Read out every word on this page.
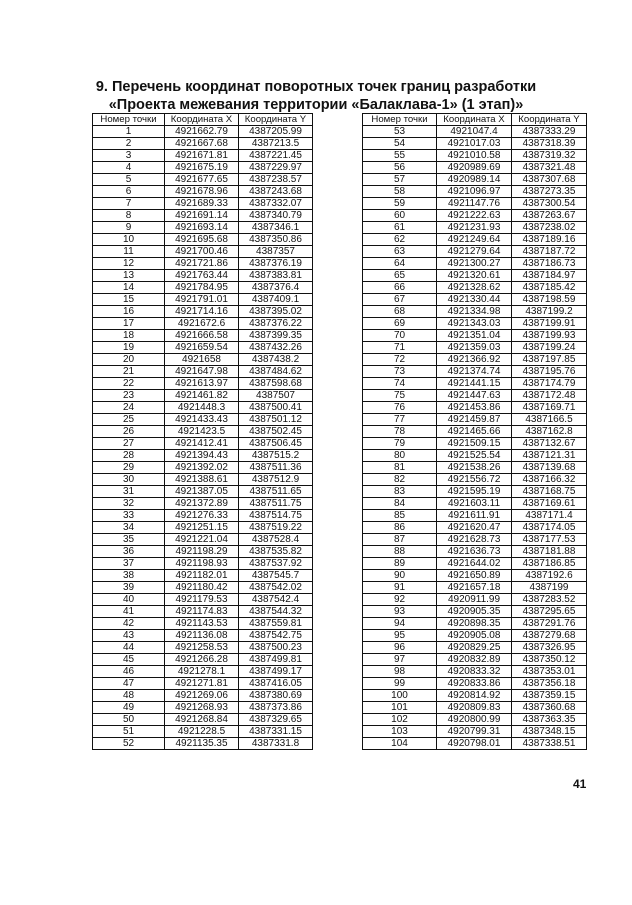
9. Перечень координат поворотных точек границ разработки
«Проекта межевания территории «Балаклава-1» (1 этап)»
Номер точки	Координата X	Координата Y
1	4921662.79	4387205.99
2	4921667.68	4387213.5
3	4921671.81	4387221.45
4	4921675.19	4387229.97
5	4921677.65	4387238.57
6	4921678.96	4387243.68
7	4921689.33	4387332.07
8	4921691.14	4387340.79
9	4921693.14	4387346.1
10	4921695.68	4387350.86
11	4921700.46	4387357
12	4921721.86	4387376.19
13	4921763.44	4387383.81
14	4921784.95	4387376.4
15	4921791.01	4387409.1
16	4921714.16	4387395.02
17	4921672.6	4387376.22
18	4921666.58	4387399.35
19	4921659.54	4387432.26
20	4921658	4387438.2
21	4921647.98	4387484.62
22	4921613.97	4387598.68
23	4921461.82	4387507
24	4921448.3	4387500.41
25	4921433.43	4387501.12
26	4921423.5	4387502.45
27	4921412.41	4387506.45
28	4921394.43	4387515.2
29	4921392.02	4387511.36
30	4921388.61	4387512.9
31	4921387.05	4387511.65
32	4921372.89	4387511.75
33	4921276.33	4387514.75
34	4921251.15	4387519.22
35	4921221.04	4387528.4
36	4921198.29	4387535.82
37	4921198.93	4387537.92
38	4921182.01	4387545.7
39	4921180.42	4387542.02
40	4921179.53	4387542.4
41	4921174.83	4387544.32
42	4921143.53	4387559.81
43	4921136.08	4387542.75
44	4921258.53	4387500.23
45	4921266.28	4387499.81
46	4921278.1	4387499.17
47	4921271.81	4387416.05
48	4921269.06	4387380.69
49	4921268.93	4387373.86
50	4921268.84	4387329.65
51	4921228.5	4387331.15
52	4921135.35	4387331.8
Номер точки	Координата X	Координата Y
53	4921047.4	4387333.29
54	4921017.03	4387318.39
55	4921010.58	4387319.32
56	4920989.69	4387321.48
57	4920989.14	4387307.68
58	4921096.97	4387273.35
59	4921147.76	4387300.54
60	4921222.63	4387263.67
61	4921231.93	4387238.02
62	4921249.64	4387189.16
63	4921279.64	4387187.72
64	4921300.27	4387186.73
65	4921320.61	4387184.97
66	4921328.62	4387185.42
67	4921330.44	4387198.59
68	4921334.98	4387199.2
69	4921343.03	4387199.91
70	4921351.04	4387199.93
71	4921359.03	4387199.24
72	4921366.92	4387197.85
73	4921374.74	4387195.76
74	4921441.15	4387174.79
75	4921447.63	4387172.48
76	4921453.86	4387169.71
77	4921459.87	4387166.5
78	4921465.66	4387162.8
79	4921509.15	4387132.67
80	4921525.54	4387121.31
81	4921538.26	4387139.68
82	4921556.72	4387166.32
83	4921595.19	4387168.75
84	4921603.11	4387169.61
85	4921611.91	4387171.4
86	4921620.47	4387174.05
87	4921628.73	4387177.53
88	4921636.73	4387181.88
89	4921644.02	4387186.85
90	4921650.89	4387192.6
91	4921657.18	4387199
92	4920911.99	4387283.52
93	4920905.35	4387295.65
94	4920898.35	4387291.76
95	4920905.08	4387279.68
96	4920829.25	4387326.95
97	4920832.89	4387350.12
98	4920833.32	4387353.01
99	4920833.86	4387356.18
100	4920814.92	4387359.15
101	4920809.83	4387360.68
102	4920800.99	4387363.35
103	4920799.31	4387348.15
104	4920798.01	4387338.51
41
